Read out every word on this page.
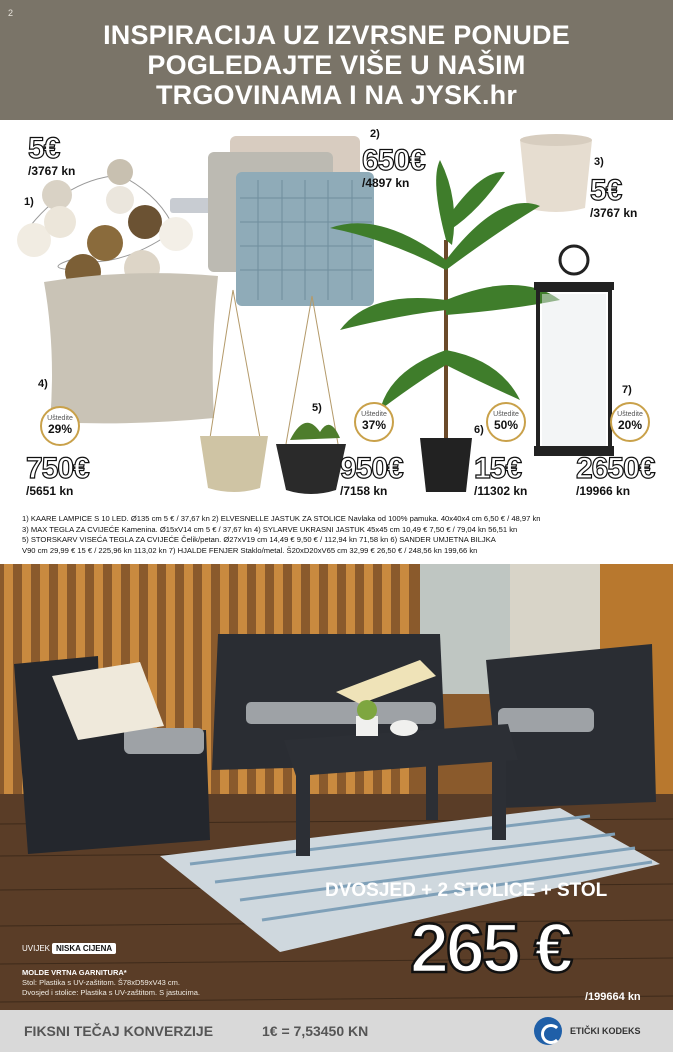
2
INSPIRACIJA UZ IZVRSNE PONUDE
POGLEDAJTE VIŠE U NAŠIM
TRGOVINAMA I NA JYSK.hr
5€
/3767 kn
1)
2)
650€
/4897 kn
3)
5€
/3767 kn
4)
Uštedite
29%
750€
/5651 kn
5)
Uštedite
37%
950€
/7158 kn
6)
Uštedite
50%
15€
/11302 kn
7)
Uštedite
20%
2650€
/19966 kn
1) KAARE LAMPICE S 10 LED. Ø135 cm 5 € / 37,67 kn 2) ELVESNELLE JASTUK ZA STOLICE Navlaka od 100% pamuka. 40x40x4 cm 6,50 € / 48,97 kn
3) MAX TEGLA ZA CVIJEĆE Kamenina. Ø15xV14 cm 5 € / 37,67 kn 4) SYLARVE UKRASNI JASTUK 45x45 cm 10,49 € 7,50 € / 79,04 kn 56,51 kn
5) STORSKARV VISEĆA TEGLA ZA CVIJEĆE Čelik/petan. Ø27xV19 cm 14,49 € 9,50 € / 112,94 kn 71,58 kn 6) SANDER UMJETNA BILJKA
V90 cm 29,99 € 15 € / 225,96 kn 113,02 kn 7) HJALDE FENJER Staklo/metal. Š20xD20xV65 cm 32,99 € 26,50 € / 248,56 kn 199,66 kn
DVOSJED + 2 STOLICE + STOL
265 €
/199664 kn
UVIJEK NISKA CIJENA
MOLDE VRTNA GARNITURA*
Stol: Plastika s UV-zaštitom. Š78xD59xV43 cm.
Dvosjed i stolice: Plastika s UV-zaštitom. S jastucima.
FIKSNI TEČAJ KONVERZIJE	1€ = 7,53450 KN	ETIČKI KODEKS
